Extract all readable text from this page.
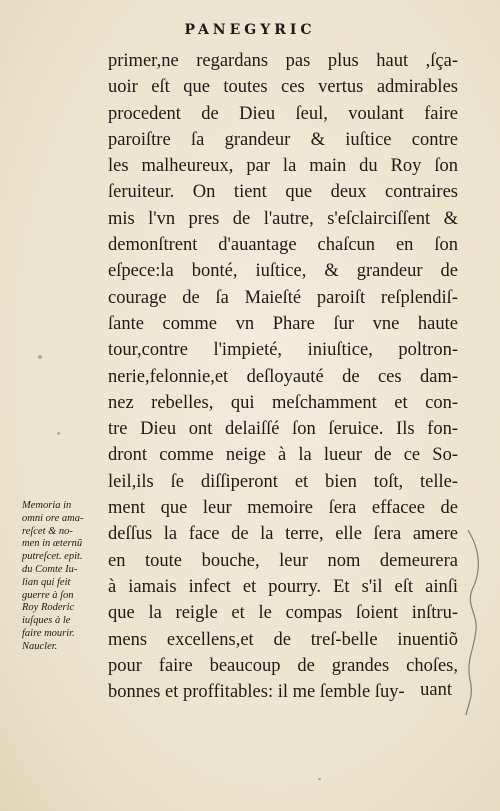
PANEGYRIC
primer,ne regardans pas plus haut ,ſça-
uoir eſt que toutes ces vertus admirables
procedent de Dieu ſeul, voulant faire
paroiſtre ſa grandeur & iuſtice contre
les malheureux, par la main du Roy ſon
ſeruiteur. On tient que deux contraires
mis l'vn pres de l'autre, s'eſclairciſſent &
demonſtrent d'auantage chaſcun en ſon
eſpece:la bonté, iuſtice, & grandeur de
courage de ſa Maieſté paroiſt reſplendiſ-
ſante comme vn Phare ſur vne haute
tour,contre l'impieté, iniuſtice, poltron-
nerie,felonnie,et deſloyauté de ces dam-
nez rebelles, qui meſchamment et con-
tre Dieu ont delaiſſé ſon ſeruice. Ils fon-
dront comme neige à la lueur de ce So-
leil,ils ſe diſſiperont et bien toſt, telle-
ment que leur memoire ſera effacee de
deſſus la face de la terre, elle ſera amere
en toute bouche, leur nom demeurera
à iamais infect et pourry. Et s'il eſt ainſi
que la reigle et le compas ſoient inſtru-
mens excellens,et de treſ-belle inuentiõ
pour faire beaucoup de grandes choſes,
bonnes et proffitables: il me ſemble ſuy- uant
Memoria in
omni ore ama-
reſcet & no-
men in æternũ
putreſcet. epit.
du Comte Iu-
lian qui feit
guerre à ſon
Roy Roderic
iuſques à le
faire mourir.
Naucler.
